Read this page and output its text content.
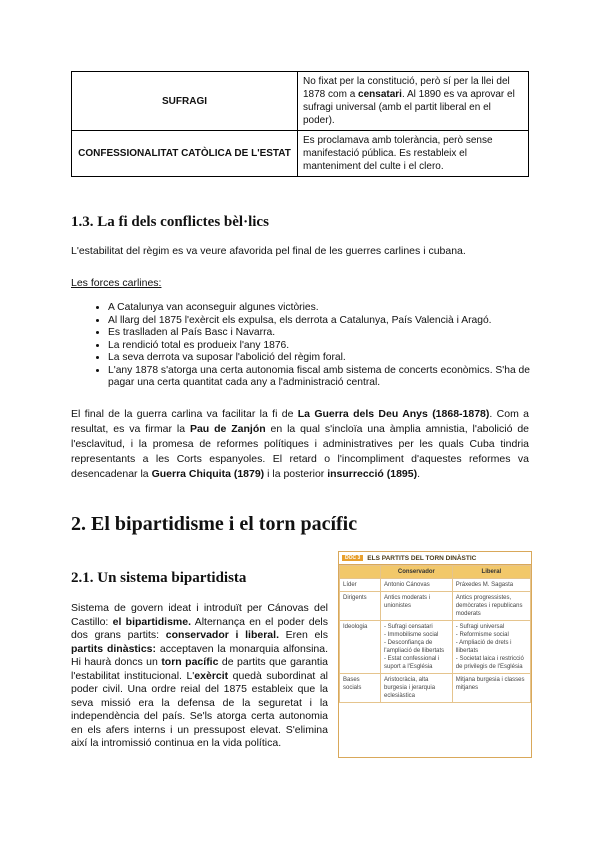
SUFRAGI	No fixat per la constitució, però sí per la llei del 1878 com a censatari. Al 1890 es va aprovar el sufragi universal (amb el partit liberal en el poder).
CONFESSIONALITAT CATÒLICA DE L'ESTAT	Es proclamava amb tolerància, però sense manifestació pública. Es restableix el manteniment del culte i el clero.
1.3. La fi dels conflictes bèl·lics
L'estabilitat del règim es va veure afavorida pel final de les guerres carlines i cubana.
Les forces carlines:
• A Catalunya van aconseguir algunes victòries.
• Al llarg del 1875 l'exèrcit els expulsa, els derrota a Catalunya, País Valencià i Aragó.
• Es traslladen al País Basc i Navarra.
• La rendició total es produeix l'any 1876.
• La seva derrota va suposar l'abolició del règim foral.
• L'any 1878 s'atorga una certa autonomia fiscal amb sistema de concerts econòmics. S'ha de pagar una certa quantitat cada any a l'administració central.
El final de la guerra carlina va facilitar la fi de La Guerra dels Deu Anys (1868-1878). Com a resultat, es va firmar la Pau de Zanjón en la qual s'incloïa una àmplia amnistia, l'abolició de l'esclavitud, i la promesa de reformes polítiques i administratives per les quals Cuba tindria representants a les Corts espanyoles. El retard o l'incompliment d'aquestes reformes va desencadenar la Guerra Chiquita (1879) i la posterior insurrecció (1895).
2. El bipartidisme i el torn pacífic
2.1. Un sistema bipartidista
Sistema de govern ideat i introduït per Cánovas del Castillo: el bipartidisme. Alternança en el poder dels dos grans partits: conservador i liberal. Eren els partits dinàstics: acceptaven la monarquia alfonsina. Hi haurà doncs un torn pacífic de partits que garantia l'estabilitat institucional. L'exèrcit quedà subordinat al poder civil. Una ordre reial del 1875 estableix que la seva missió era la defensa de la seguretat i la independència del país. Se'ls atorga certa autonomia en els afers interns i un pressupost elevat. S'elimina així la intromissió continua en la vida política.
DOC 3	ELS PARTITS DEL TORN DINÀSTIC
	Conservador	Liberal
Líder	Antonio Cánovas	Práxedes M. Sagasta
Dirigents	Antics moderats i unionistes	Antics progressistes, demòcrates i republicans moderats
Ideologia	- Sufragi censatari
- Immobilisme social
- Desconfiança de l'ampliació de llibertats
- Estat confessional i suport a l'Església	- Sufragi universal
- Reformisme social
- Ampliació de drets i llibertats
- Societat laica i restricció de privilegis de l'Església
Bases socials	Aristocràcia, alta burgesia i jerarquia eclesiàstica	Mitjana burgesia i classes mitjanes
